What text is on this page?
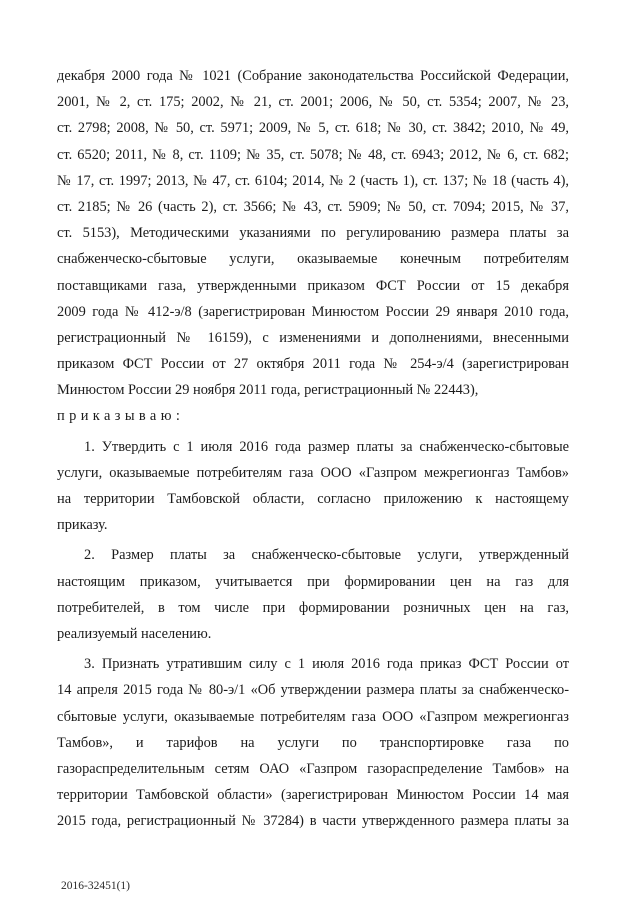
декабря 2000 года № 1021 (Собрание законодательства Российской Федерации,
2001, № 2, ст. 175; 2002, № 21, ст. 2001; 2006, № 50, ст. 5354; 2007, № 23,
ст. 2798; 2008, № 50, ст. 5971; 2009, № 5, ст. 618; № 30, ст. 3842; 2010, № 49,
ст. 6520; 2011, № 8, ст. 1109; № 35, ст. 5078; № 48, ст. 6943; 2012, № 6, ст. 682;
№ 17, ст. 1997; 2013, № 47, ст. 6104; 2014, № 2 (часть 1), ст. 137; № 18 (часть 4),
ст. 2185; № 26 (часть 2), ст. 3566; № 43, ст. 5909; № 50, ст. 7094; 2015, № 37,
ст. 5153), Методическими указаниями по регулированию размера платы за
снабженческо-сбытовые услуги, оказываемые конечным потребителям
поставщиками газа, утвержденными приказом ФСТ России от 15 декабря
2009 года № 412-э/8 (зарегистрирован Минюстом России 29 января 2010 года,
регистрационный № 16159), с изменениями и дополнениями, внесенными
приказом ФСТ России от 27 октября 2011 года № 254-э/4 (зарегистрирован
Минюстом России 29 ноября 2011 года, регистрационный № 22443),
приказываю:
1. Утвердить с 1 июля 2016 года размер платы за снабженческо-сбытовые
услуги, оказываемые потребителям газа ООО «Газпром межрегионгаз Тамбов»
на территории Тамбовской области, согласно приложению к настоящему
приказу.
2. Размер платы за снабженческо-сбытовые услуги, утвержденный
настоящим приказом, учитывается при формировании цен на газ для
потребителей, в том числе при формировании розничных цен на газ,
реализуемый населению.
3. Признать утратившим силу с 1 июля 2016 года приказ ФСТ России от
14 апреля 2015 года № 80-э/1 «Об утверждении размера платы за снабженческо-
сбытовые услуги, оказываемые потребителям газа ООО «Газпром межрегионгаз
Тамбов», и тарифов на услуги по транспортировке газа по
газораспределительным сетям ОАО «Газпром газораспределение Тамбов» на
территории Тамбовской области» (зарегистрирован Минюстом России 14 мая
2015 года, регистрационный № 37284) в части утвержденного размера платы за
2016-32451(1)
